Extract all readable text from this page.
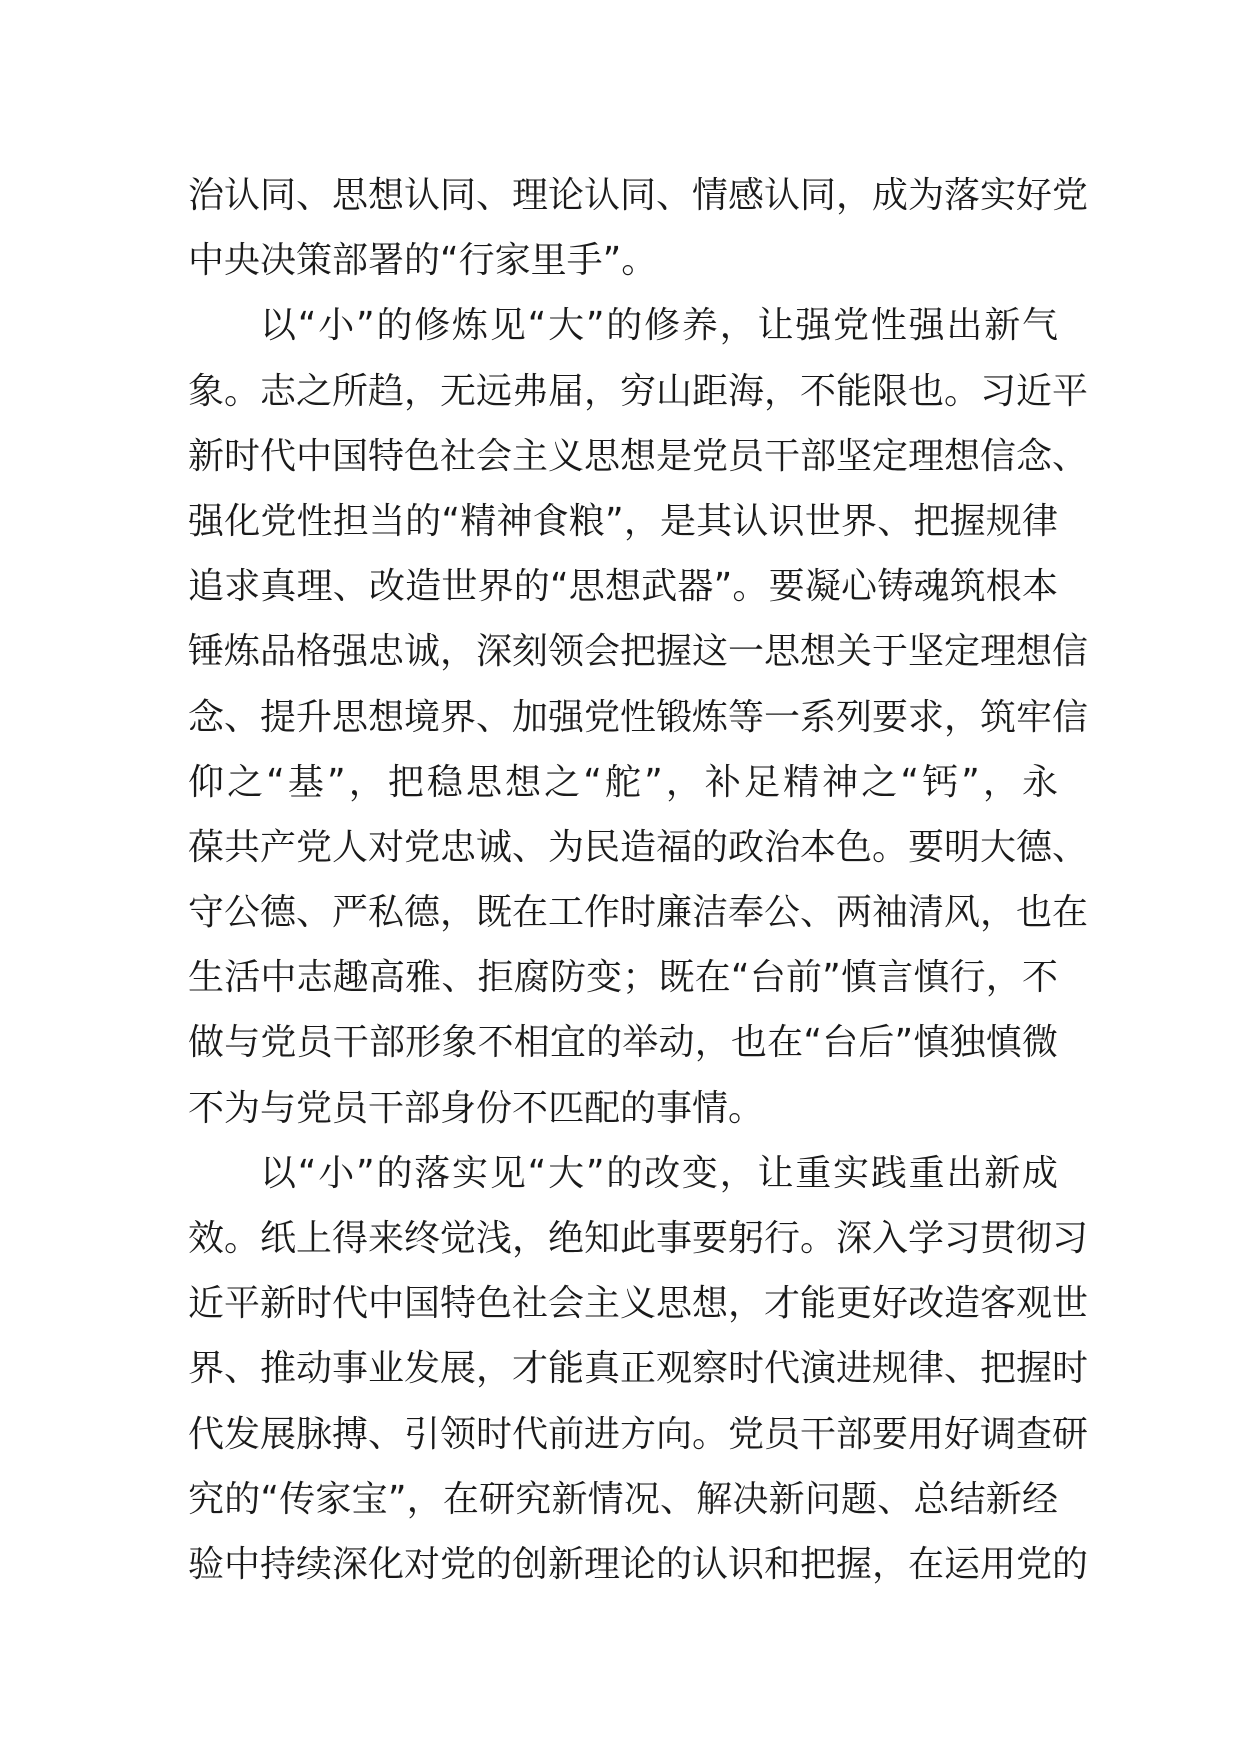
治认同、思想认同、理论认同、情感认同，成为落实好党
中央决策部署的“行家里手”。
以“小”的修炼见“大”的修养，让强党性强出新气
象。志之所趋，无远弗届，穷山距海，不能限也。习近平
新时代中国特色社会主义思想是党员干部坚定理想信念、
强化党性担当的“精神食粮”，是其认识世界、把握规律
追求真理、改造世界的“思想武器”。要凝心铸魂筑根本
锤炼品格强忠诚，深刻领会把握这一思想关于坚定理想信
念、提升思想境界、加强党性锻炼等一系列要求，筑牢信
仰之“基”，把稳思想之“舵”，补足精神之“钙”，永
葆共产党人对党忠诚、为民造福的政治本色。要明大德、
守公德、严私德，既在工作时廉洁奉公、两袖清风，也在
生活中志趣高雅、拒腐防变；既在“台前”慎言慎行，不
做与党员干部形象不相宜的举动，也在“台后”慎独慎微
不为与党员干部身份不匹配的事情。
以“小”的落实见“大”的改变，让重实践重出新成
效。纸上得来终觉浅，绝知此事要躬行。深入学习贯彻习
近平新时代中国特色社会主义思想，才能更好改造客观世
界、推动事业发展，才能真正观察时代演进规律、把握时
代发展脉搏、引领时代前进方向。党员干部要用好调查研
究的“传家宝”，在研究新情况、解决新问题、总结新经
验中持续深化对党的创新理论的认识和把握，在运用党的
